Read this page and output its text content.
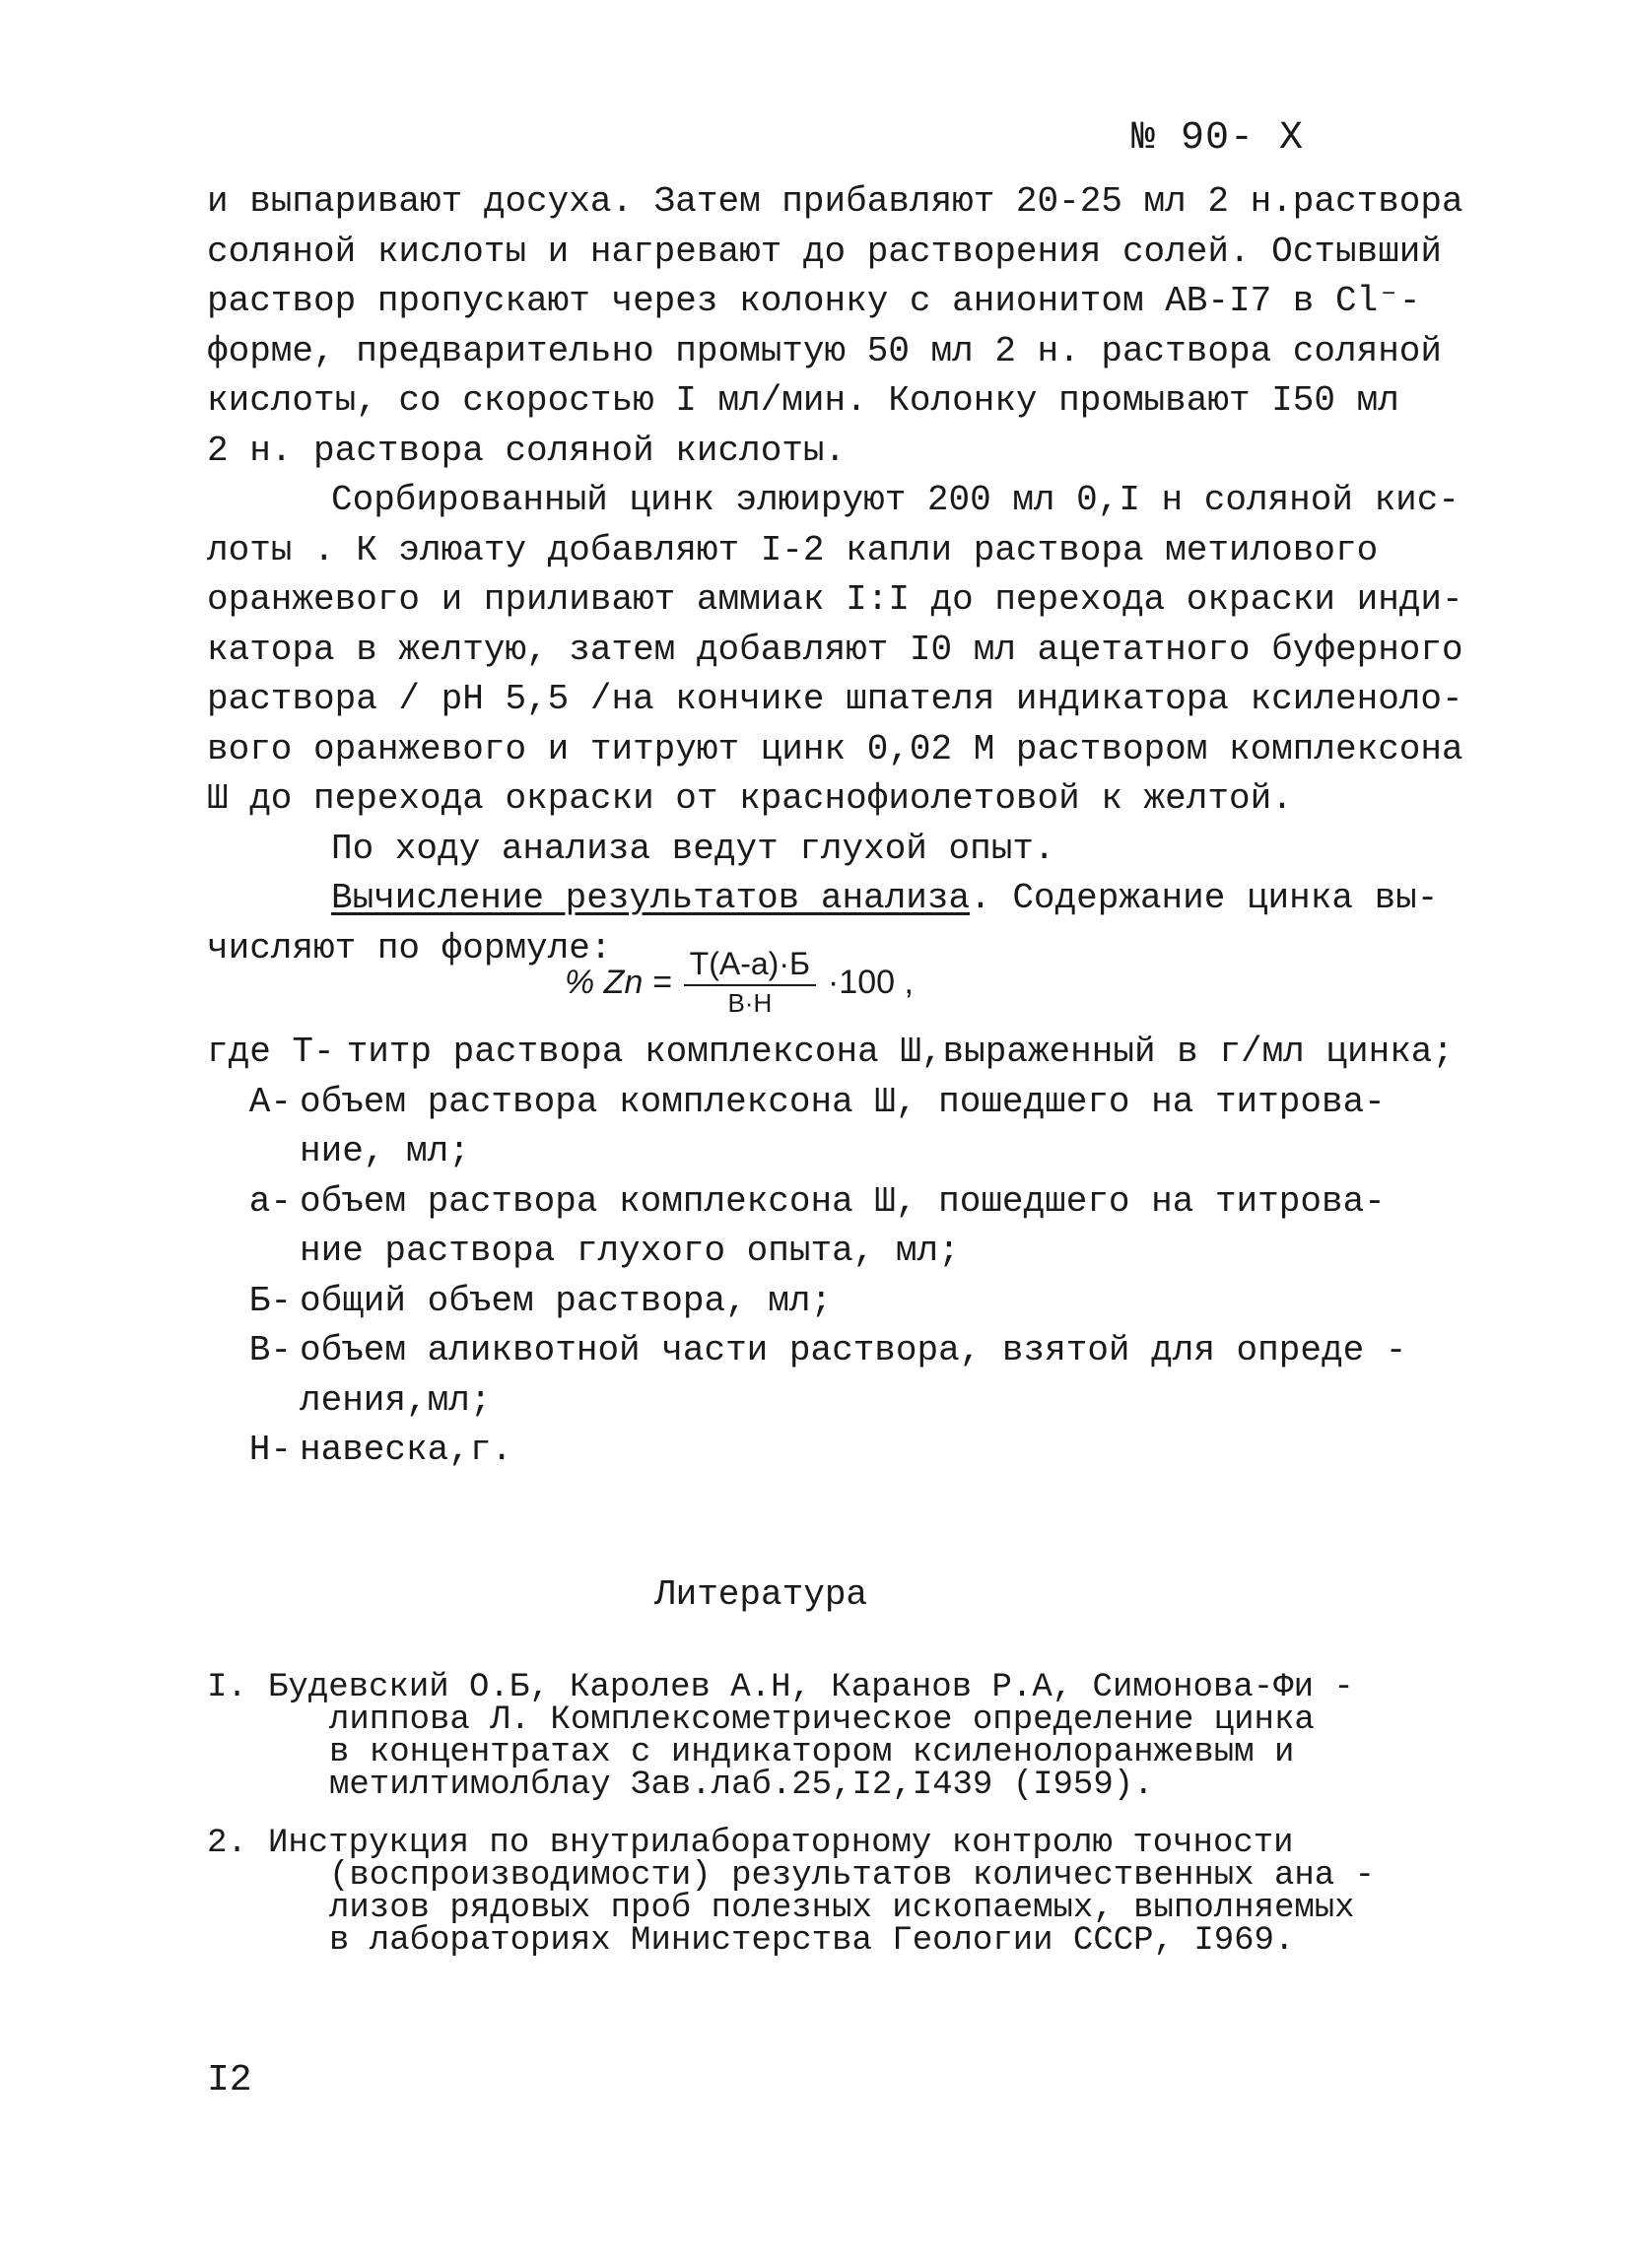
№ 90- X
и выпаривают досуха. Затем прибавляют 20-25 мл 2 н.раствора
соляной кислоты и нагревают до растворения солей. Остывший
раствор пропускают через колонку с анионитом АВ-I7 в Cl⁻-
форме, предварительно промытую 50 мл 2 н. раствора соляной
кислоты, со скоростью I мл/мин. Колонку промывают I50 мл
2 н. раствора соляной кислоты.
Сорбированный цинк элюируют 200 мл 0,I н соляной кис-
лоты . К элюату добавляют I-2 капли раствора метилового
оранжевого и приливают аммиак I:I до перехода окраски инди-
катора в желтую, затем добавляют I0 мл ацетатного буферного
раствора / рН 5,5 /на кончике шпателя индикатора ксиленоло-
вого оранжевого и титруют цинк 0,02 М раствором комплексона
Ш до перехода окраски от краснофиолетовой к желтой.
По ходу анализа ведут глухой опыт.
Вычисление результатов анализа. Содержание цинка вы-
числяют по формуле:
% $Zn = \frac{T(A-a)\cdot Б}{B\cdot H} \cdot 100$ ,
где Т- титр раствора комплексона Ш,выраженный в г/мл цинка;
А- объем раствора комплексона Ш, пошедшего на титрова-
ние, мл;
а- объем раствора комплексона Ш, пошедшего на титрова-
ние раствора глухого опыта, мл;
Б- общий объем раствора, мл;
В- объем аликвотной части раствора, взятой для опреде -
ления,мл;
Н- навеска,г.
Литература
I. Будевский О.Б, Каролев А.Н, Каранов Р.А, Симонова-Фи -
липпова Л. Комплексометрическое определение цинка
в концентратах с индикатором ксиленолоранжевым и
метилтимолблау Зав.лаб.25,I2,I439 (I959).
2. Инструкция по внутрилабораторному контролю точности
(воспроизводимости) результатов количественных ана -
лизов рядовых проб полезных ископаемых, выполняемых
в лабораториях Министерства Геологии СССР, I969.
I2
